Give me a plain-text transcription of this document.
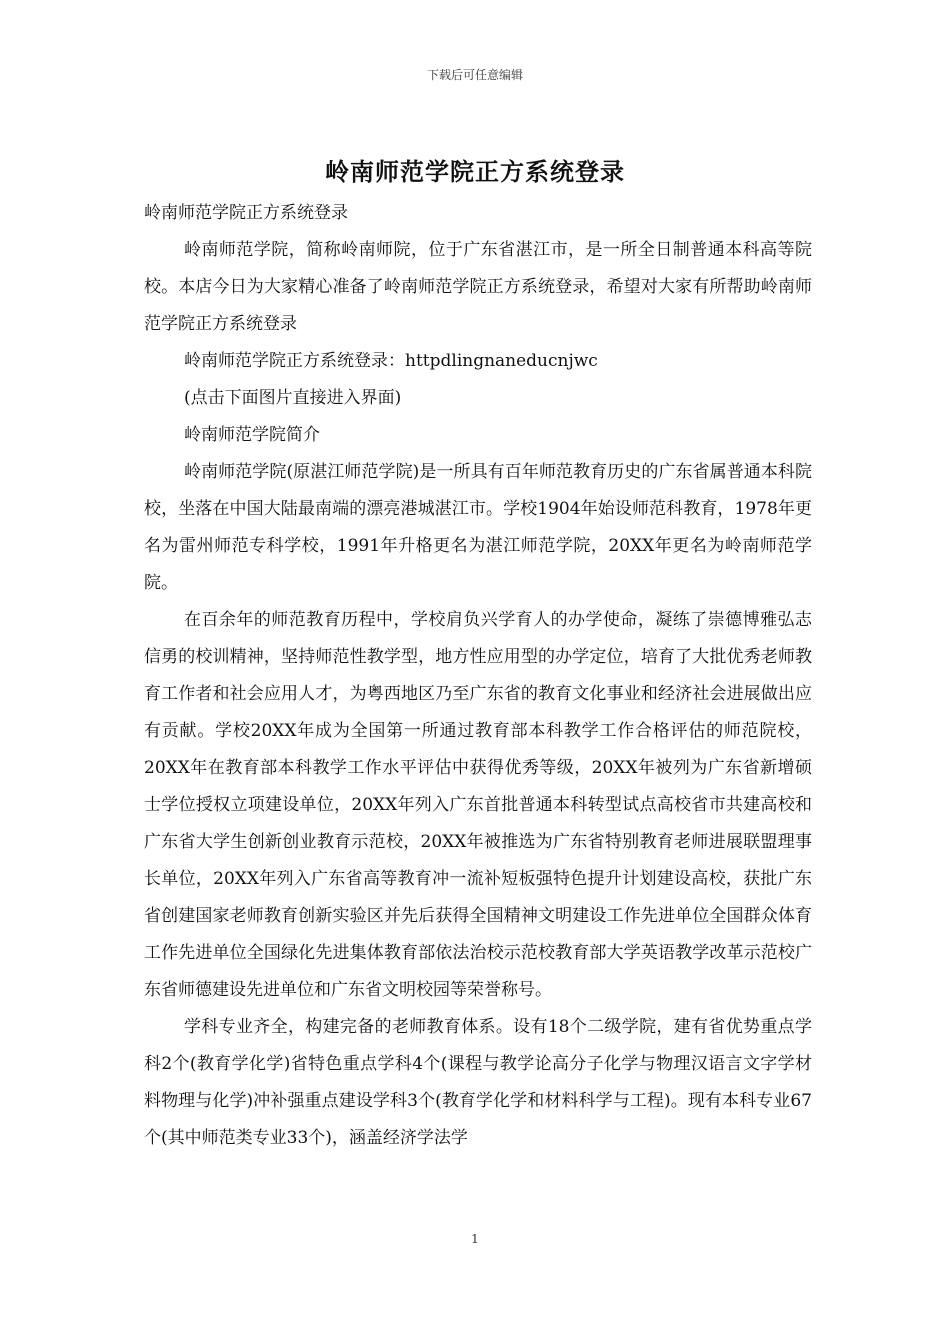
下载后可任意编辑
岭南师范学院正方系统登录

岭南师范学院正方系统登录

岭南师范学院，简称岭南师院，位于广东省湛江市，是一所全日制普通本科高等院校。本店今日为大家精心准备了岭南师范学院正方系统登录，希望对大家有所帮助岭南师范学院正方系统登录

岭南师范学院正方系统登录：httpdlingnaneducnjwc

(点击下面图片直接进入界面)

岭南师范学院简介

岭南师范学院(原湛江师范学院)是一所具有百年师范教育历史的广东省属普通本科院校，坐落在中国大陆最南端的漂亮港城湛江市。学校1904年始设师范科教育，1978年更名为雷州师范专科学校，1991年升格更名为湛江师范学院，20XX年更名为岭南师范学院。

在百余年的师范教育历程中，学校肩负兴学育人的办学使命，凝练了崇德博雅弘志信勇的校训精神，坚持师范性教学型，地方性应用型的办学定位，培育了大批优秀老师教育工作者和社会应用人才，为粤西地区乃至广东省的教育文化事业和经济社会进展做出应有贡献。学校20XX年成为全国第一所通过教育部本科教学工作合格评估的师范院校，20XX年在教育部本科教学工作水平评估中获得优秀等级，20XX年被列为广东省新增硕士学位授权立项建设单位，20XX年列入广东首批普通本科转型试点高校省市共建高校和广东省大学生创新创业教育示范校，20XX年被推选为广东省特别教育老师进展联盟理事长单位，20XX年列入广东省高等教育冲一流补短板强特色提升计划建设高校，获批广东省创建国家老师教育创新实验区并先后获得全国精神文明建设工作先进单位全国群众体育工作先进单位全国绿化先进集体教育部依法治校示范校教育部大学英语教学改革示范校广东省师德建设先进单位和广东省文明校园等荣誉称号。

学科专业齐全，构建完备的老师教育体系。设有18个二级学院，建有省优势重点学科2个(教育学化学)省特色重点学科4个(课程与教学论高分子化学与物理汉语言文字学材料物理与化学)冲补强重点建设学科3个(教育学化学和材料科学与工程)。现有本科专业67个(其中师范类专业33个)，涵盖经济学法学

1
